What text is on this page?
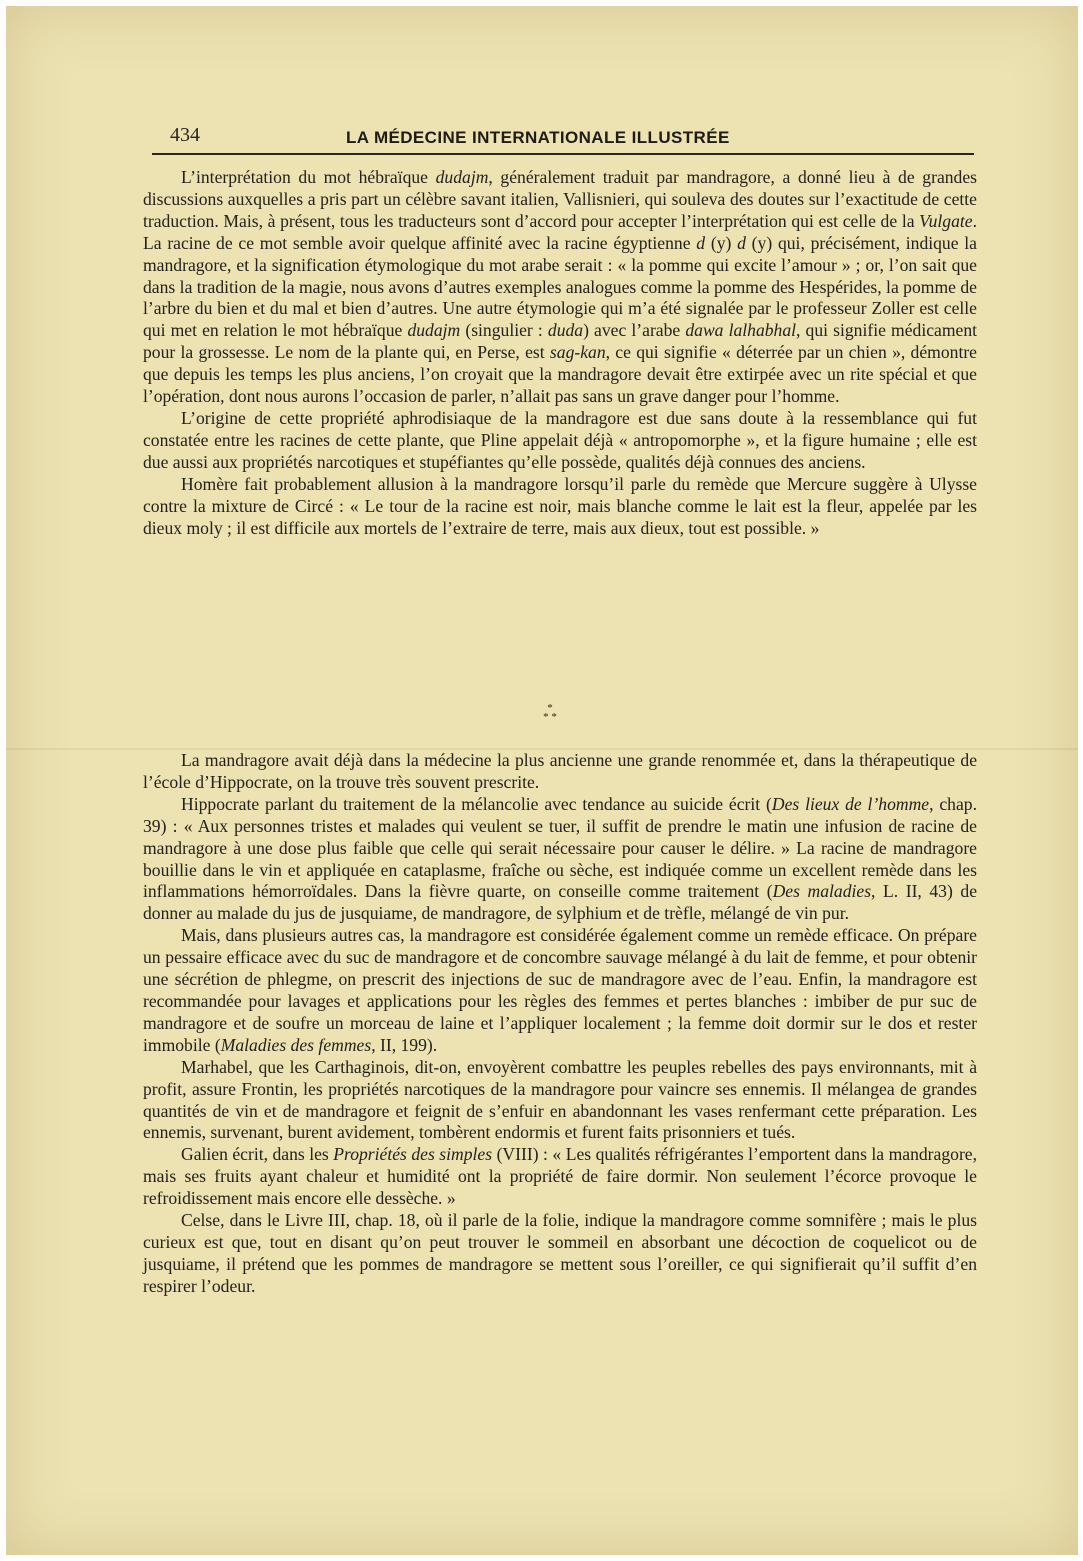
434	LA MÉDECINE INTERNATIONALE ILLUSTRÉE

L’interprétation du mot hébraïque dudajm, généralement traduit par mandragore, a donné lieu à de grandes discussions auxquelles a pris part un célèbre savant italien, Vallisnieri, qui souleva des doutes sur l’exactitude de cette traduction. Mais, à présent, tous les traducteurs sont d’accord pour accepter l’interprétation qui est celle de la Vulgate. La racine de ce mot semble avoir quelque affinité avec la racine égyptienne d (y) d (y) qui, précisément, indique la mandragore, et la signification étymologique du mot arabe serait : « la pomme qui excite l’amour » ; or, l’on sait que dans la tradition de la magie, nous avons d’autres exemples analogues comme la pomme des Hespérides, la pomme de l’arbre du bien et du mal et bien d’autres. Une autre étymologie qui m’a été signalée par le professeur Zoller est celle qui met en relation le mot hébraïque dudajm (singulier : duda) avec l’arabe dawa lalhabhal, qui signifie médicament pour la grossesse. Le nom de la plante qui, en Perse, est sag-kan, ce qui signifie « déterrée par un chien », démontre que depuis les temps les plus anciens, l’on croyait que la mandragore devait être extirpée avec un rite spécial et que l’opération, dont nous aurons l’occasion de parler, n’allait pas sans un grave danger pour l’homme.

L’origine de cette propriété aphrodisiaque de la mandragore est due sans doute à la ressemblance qui fut constatée entre les racines de cette plante, que Pline appelait déjà « antropomorphe », et la figure humaine ; elle est due aussi aux propriétés narcotiques et stupéfiantes qu’elle possède, qualités déjà connues des anciens.

Homère fait probablement allusion à la mandragore lorsqu’il parle du remède que Mercure suggère à Ulysse contre la mixture de Circé : « Le tour de la racine est noir, mais blanche comme le lait est la fleur, appelée par les dieux moly ; il est difficile aux mortels de l’extraire de terre, mais aux dieux, tout est possible. »

*
* *

La mandragore avait déjà dans la médecine la plus ancienne une grande renommée et, dans la thérapeutique de l’école d’Hippocrate, on la trouve très souvent prescrite.

Hippocrate parlant du traitement de la mélancolie avec tendance au suicide écrit (Des lieux de l’homme, chap. 39) : « Aux personnes tristes et malades qui veulent se tuer, il suffit de prendre le matin une infusion de racine de mandragore à une dose plus faible que celle qui serait nécessaire pour causer le délire. » La racine de mandragore bouillie dans le vin et appliquée en cataplasme, fraîche ou sèche, est indiquée comme un excellent remède dans les inflammations hémorroïdales. Dans la fièvre quarte, on conseille comme traitement (Des maladies, L. II, 43) de donner au malade du jus de jusquiame, de mandragore, de sylphium et de trèfle, mélangé de vin pur.

Mais, dans plusieurs autres cas, la mandragore est considérée également comme un remède efficace. On prépare un pessaire efficace avec du suc de mandragore et de concombre sauvage mélangé à du lait de femme, et pour obtenir une sécrétion de phlegme, on prescrit des injections de suc de mandragore avec de l’eau. Enfin, la mandragore est recommandée pour lavages et applications pour les règles des femmes et pertes blanches : imbiber de pur suc de mandragore et de soufre un morceau de laine et l’appliquer localement ; la femme doit dormir sur le dos et rester immobile (Maladies des femmes, II, 199).

Marhabel, que les Carthaginois, dit-on, envoyèrent combattre les peuples rebelles des pays environnants, mit à profit, assure Frontin, les propriétés narcotiques de la mandragore pour vaincre ses ennemis. Il mélangea de grandes quantités de vin et de mandragore et feignit de s’enfuir en abandonnant les vases renfermant cette préparation. Les ennemis, survenant, burent avidement, tombèrent endormis et furent faits prisonniers et tués.

Galien écrit, dans les Propriétés des simples (VIII) : « Les qualités réfrigérantes l’emportent dans la mandragore, mais ses fruits ayant chaleur et humidité ont la propriété de faire dormir. Non seulement l’écorce provoque le refroidissement mais encore elle dessèche. »

Celse, dans le Livre III, chap. 18, où il parle de la folie, indique la mandragore comme somnifère ; mais le plus curieux est que, tout en disant qu’on peut trouver le sommeil en absorbant une décoction de coquelicot ou de jusquiame, il prétend que les pommes de mandragore se mettent sous l’oreiller, ce qui signifierait qu’il suffit d’en respirer l’odeur.
